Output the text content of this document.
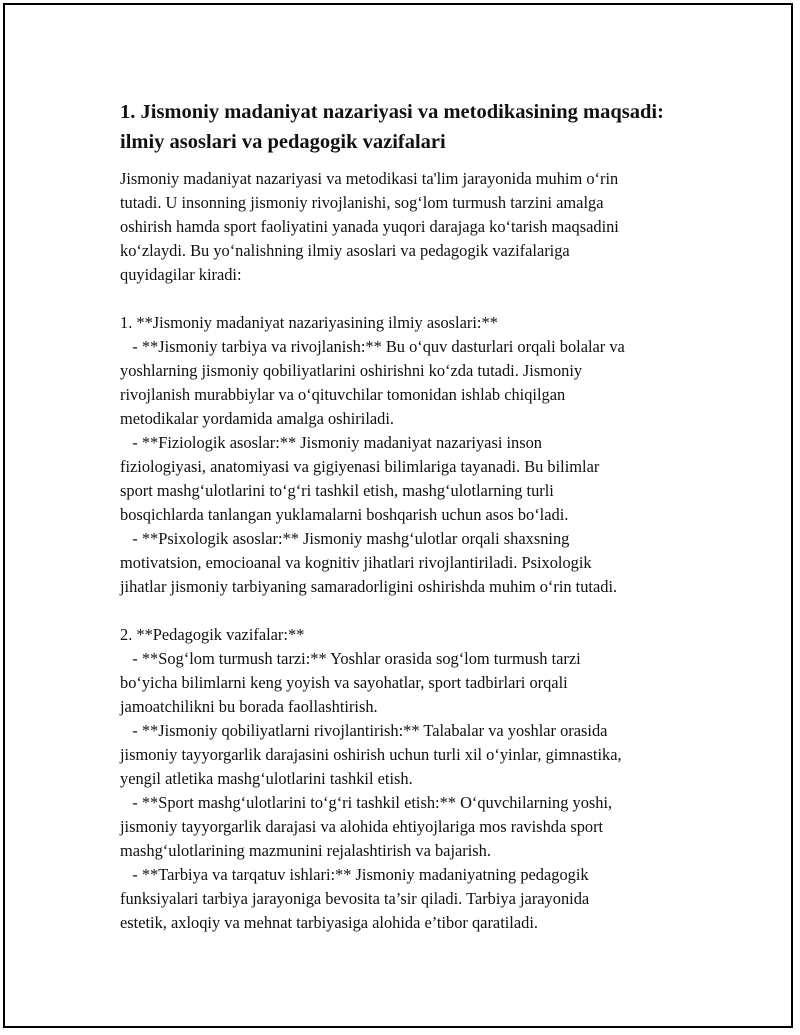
1. Jismoniy madaniyat nazariyasi va metodikasining maqsadi:
ilmiy asoslari va pedagogik vazifalari
Jismoniy madaniyat nazariyasi va metodikasi ta'lim jarayonida muhim o‘rin
tutadi. U insonning jismoniy rivojlanishi, sog‘lom turmush tarzini amalga
oshirish hamda sport faoliyatini yanada yuqori darajaga ko‘tarish maqsadini
ko‘zlaydi. Bu yo‘nalishning ilmiy asoslari va pedagogik vazifalariga
quyidagilar kiradi:
1. **Jismoniy madaniyat nazariyasining ilmiy asoslari:**
- **Jismoniy tarbiya va rivojlanish:** Bu o‘quv dasturlari orqali bolalar va
yoshlarning jismoniy qobiliyatlarini oshirishni ko‘zda tutadi. Jismoniy
rivojlanish murabbiylar va o‘qituvchilar tomonidan ishlab chiqilgan
metodikalar yordamida amalga oshiriladi.
- **Fiziologik asoslar:** Jismoniy madaniyat nazariyasi inson
fiziologiyasi, anatomiyasi va gigiyenasi bilimlariga tayanadi. Bu bilimlar
sport mashg‘ulotlarini to‘g‘ri tashkil etish, mashg‘ulotlarning turli
bosqichlarda tanlangan yuklamalarni boshqarish uchun asos bo‘ladi.
- **Psixologik asoslar:** Jismoniy mashg‘ulotlar orqali shaxsning
motivatsion, emocioanal va kognitiv jihatlari rivojlantiriladi. Psixologik
jihatlar jismoniy tarbiyaning samaradorligini oshirishda muhim o‘rin tutadi.
2. **Pedagogik vazifalar:**
- **Sog‘lom turmush tarzi:** Yoshlar orasida sog‘lom turmush tarzi
bo‘yicha bilimlarni keng yoyish va sayohatlar, sport tadbirlari orqali
jamoatchilikni bu borada faollashtirish.
- **Jismoniy qobiliyatlarni rivojlantirish:** Talabalar va yoshlar orasida
jismoniy tayyorgarlik darajasini oshirish uchun turli xil o‘yinlar, gimnastika,
yengil atletika mashg‘ulotlarini tashkil etish.
- **Sport mashg‘ulotlarini to‘g‘ri tashkil etish:** O‘quvchilarning yoshi,
jismoniy tayyorgarlik darajasi va alohida ehtiyojlariga mos ravishda sport
mashg‘ulotlarining mazmunini rejalashtirish va bajarish.
- **Tarbiya va tarqatuv ishlari:** Jismoniy madaniyatning pedagogik
funksiyalari tarbiya jarayoniga bevosita ta’sir qiladi. Tarbiya jarayonida
estetik, axloqiy va mehnat tarbiyasiga alohida e’tibor qaratiladi.
